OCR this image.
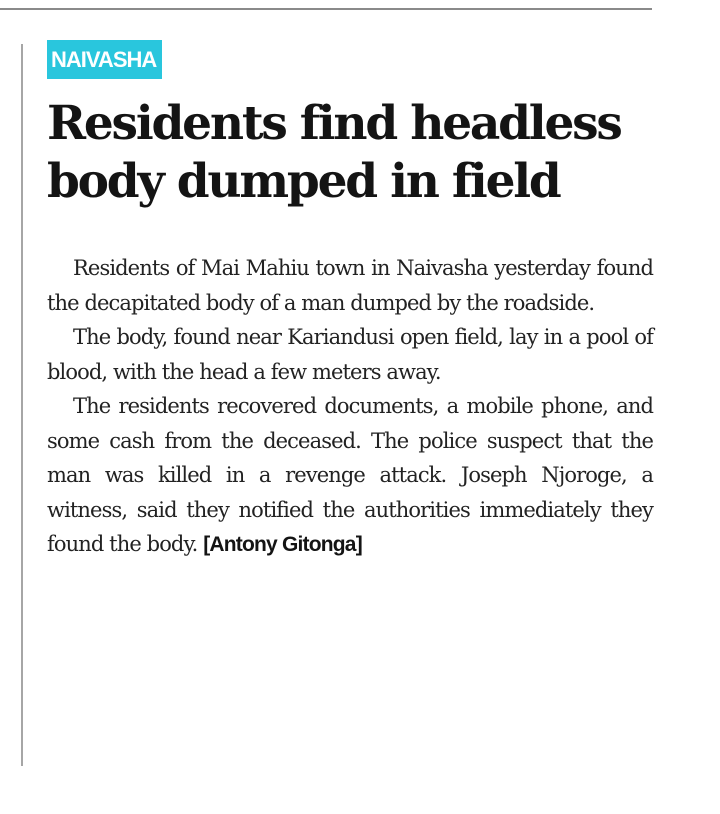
NAIVASHA
Residents find headless body dumped in field

Residents of Mai Mahiu town in Naivasha yesterday found the decapitated body of a man dumped by the roadside.

The body, found near Kariandusi open field, lay in a pool of blood, with the head a few meters away.

The residents recovered documents, a mobile phone, and some cash from the deceased. The police suspect that the man was killed in a revenge attack. Joseph Njoroge, a witness, said they notified the authorities immediately they found the body. [Antony Gitonga]
